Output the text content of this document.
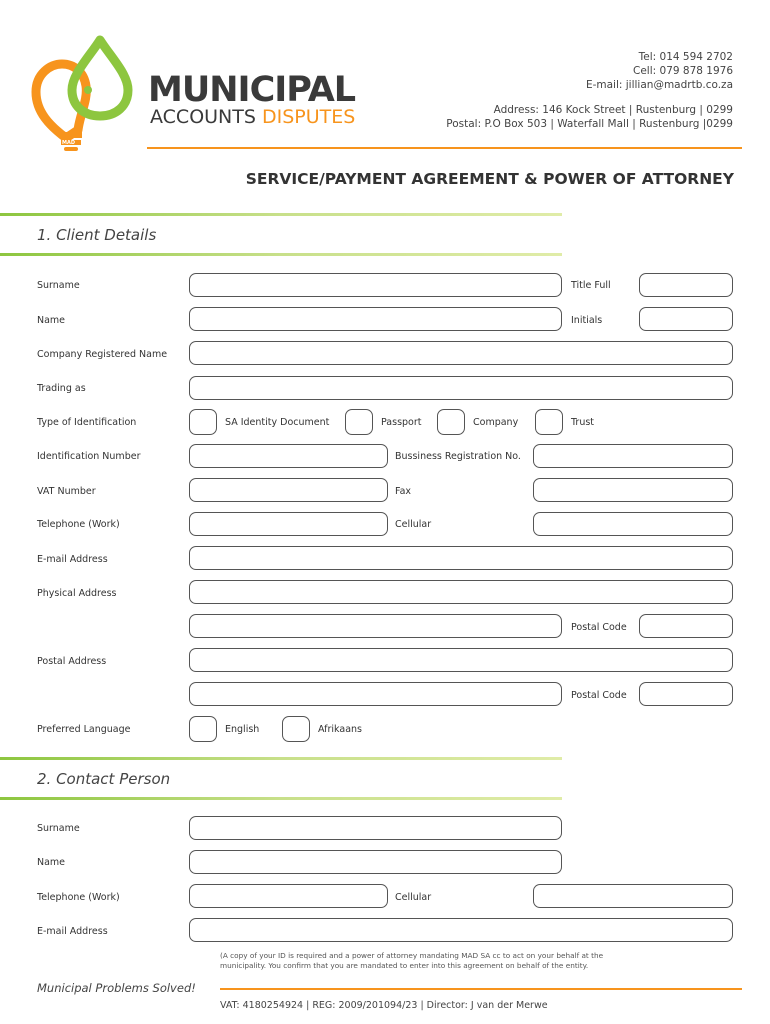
MAD
MUNICIPAL
ACCOUNTS DISPUTES
Tel: 014 594 2702
Cell: 079 878 1976
E-mail: jillian@madrtb.co.za
Address: 146 Kock Street | Rustenburg | 0299
Postal: P.O Box 503 | Waterfall Mall | Rustenburg |0299
SERVICE/PAYMENT AGREEMENT & POWER OF ATTORNEY
1. Client Details
Surname	Title Full
Name	Initials
Company Registered Name
Trading as
Type of Identification	SA Identity Document	Passport	Company	Trust
Identification Number	Bussiness Registration No.
VAT Number	Fax
Telephone (Work)	Cellular
E-mail Address
Physical Address
Postal Code
Postal Address
Postal Code
Preferred Language	English	Afrikaans
2. Contact Person
Surname
Name
Telephone (Work)	Cellular
E-mail Address
(A copy of your ID is required and a power of attorney mandating MAD SA cc to act on your behalf at the
municipality. You confirm that you are mandated to enter into this agreement on behalf of the entity.
Municipal Problems Solved!
VAT: 4180254924 | REG: 2009/201094/23 | Director: J van der Merwe
